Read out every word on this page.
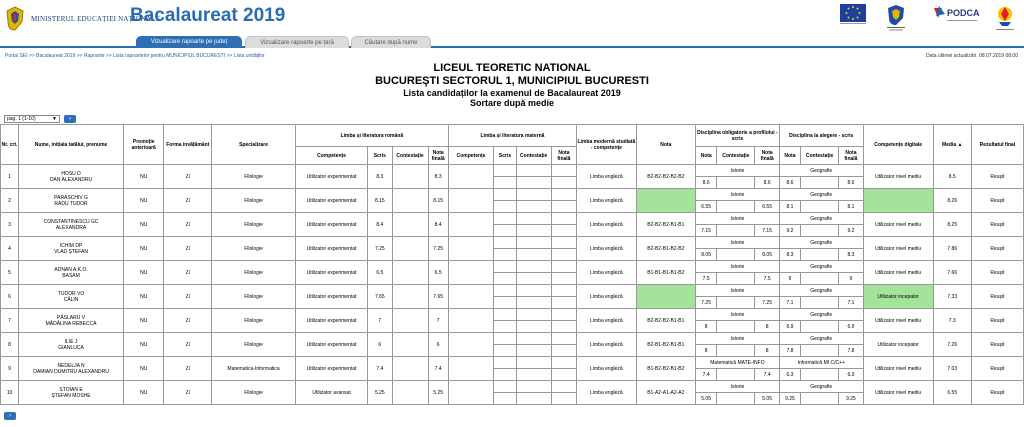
MINISTERUL EDUCAȚIEI NAȚIONALE
Bacalaureat 2019	PODCA
Vizualizare rapoarte pe județ	Vizualizare rapoarte pe țară	Căutare după nume
Portal SEI >> Bacalaureat 2019 >> Rapoarte >> Lista rapoartelor pentru MUNICIPIUL BUCURESTI >> Lista unităților	Data ultimei actualizări: 08.07.2019 08:00
LICEUL TEORETIC NATIONAL
BUCUREŞTI SECTORUL 1, MUNICIPIUL BUCURESTI
Lista candidaților la examenul de Bacalaureat 2019
Sortare după medie
pag. 1 (1-10)	▼	›
Nr. crt.	Nume, inițiala tatălui, prenume	Promoție anterioară	Forma învățământ	Specializare	Limba și literatura română				Limba și literatura maternă				Limba modernă studiată - competențe	Nota	Disciplina obligatorie a profilului - scris			Disciplina la alegere - scris			Competențe digitale	Media ▲	Rezultatul final
					Competențe	Scris	Contestație	Nota finală	Competențe	Scris	Contestație	Nota finală			Nota	Contestație	Nota finală	Nota	Contestație	Nota finală			
1	HOSU D
DAN ALEXANDRU	NU	Zi	Filologie	Utilizator experimentat	8.3		8.3					Limba engleză	B2-B2-B2-B2-B2	Istorie			Geografie			Utilizator nivel mediu	8.5	Reușit
															8.6		8.6	8.6		8.6			
2	PARASCHIV G
RADU TUDOR	NU	Zi	Filologie	Utilizator experimentat	8.15		8.15					Limba engleză		Istorie			Geografie				8.26	Reușit
															6.55		6.55	8.1		8.1			
3	CONSTANTINESCU GC
ALEXANDRA	NU	Zi	Filologie	Utilizator experimentat	8.4		8.4					Limba engleză	B2-B2-B2-B1-B1	Istorie			Geografie			Utilizator nivel mediu	8.25	Reușit
															7.15		7.15	9.2		9.2			
4	ICHIM DP
VLAD ȘTEFAN	NU	Zi	Filologie	Utilizator experimentat	7.25		7.25					Limba engleză	B2-B2-B1-B2-B2	Istorie			Geografie			Utilizator nivel mediu	7.86	Reușit
															8.05		8.05	8.3		8.3			
5	ADNAN A.K.O.
BASAM	NU	Zi	Filologie	Utilizator experimentat	6.5		6.5					Limba engleză	B1-B1-B1-B1-B2	Istorie			Geografie			Utilizator nivel mediu	7.66	Reușit
															7.5		7.5	9		9			
6	TUDOR VO
CĂLIN	NU	Zi	Filologie	Utilizator experimentat	7.65		7.65					Limba engleză		Istorie			Geografie			Utilizator incepator	7.33	Reușit
															7.25		7.25	7.1		7.1			
7	PĂSLARU V
MĂDĂLINA REBECCA	NU	Zi	Filologie	Utilizator experimentat	7		7					Limba engleză	B2-B2-B2-B1-B1	Istorie			Geografie			Utilizator nivel mediu	7.3	Reușit
															8		8	6.9		6.9			
8	ILIE J
GIANLUCA	NU	Zi	Filologie	Utilizator experimentat	6		6					Limba engleză	B2-B1-B2-B1-B1	Istorie			Geografie			Utilizator incepator	7.26	Reușit
															8		8	7.8		7.8			
9	NEDELJA N
DAMIAN DUMITRU ALEXANDRU	NU	Zi	Matematica-Informatica	Utilizator experimentat	7.4		7.4					Limba engleză	B1-B2-B2-B1-B2	Matematică MATE-INFO			Informatică MI C/C++			Utilizator nivel mediu	7.03	Reușit
															7.4		7.4	6.3		6.3			
10	STOIAN E
ȘTEFAN MOSHE	NU	Zi	Filologie	Utilizator avansat	5.25		5.25					Limba engleză	B1-A2-A1-A2-A2	Istorie			Geografie			Utilizator nivel mediu	6.55	Reușit
															5.05		5.05	9.25		9.25			
›
